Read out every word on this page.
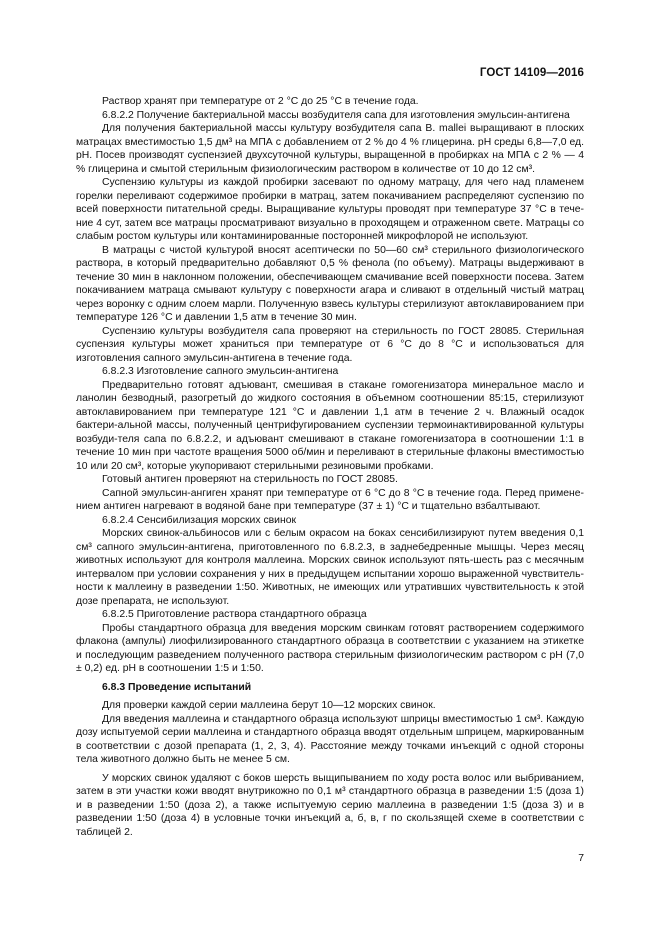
ГОСТ 14109—2016

Раствор хранят при температуре от 2 °С до 25 °С в течение года.

6.8.2.2 Получение бактериальной массы возбудителя сапа для изготовления эмульсин-антигена

Для получения бактериальной массы культуру возбудителя сапа B. mallei выращивают в плоских матрацах вместимостью 1,5 дм³ на МПА с добавлением от 2 % до 4 % глицерина. рН среды 6,8—7,0 ед. рН. Посев производят суспензией двухсуточной культуры, выращенной в пробирках на МПА с 2 % — 4 % глицерина и смытой стерильным физиологическим раствором в количестве от 10 до 12 см³.

Суспензию культуры из каждой пробирки засевают по одному матрацу, для чего над пламенем горелки переливают содержимое пробирки в матрац, затем покачиванием распределяют суспензию по всей поверхности питательной среды. Выращивание культуры проводят при температуре 37 °С в тече-ние 4 сут, затем все матрацы просматривают визуально в проходящем и отраженном свете. Матрацы со слабым ростом культуры или контаминированные посторонней микрофлорой не используют.

В матрацы с чистой культурой вносят асептически по 50—60 см³ стерильного физиологического раствора, в который предварительно добавляют 0,5 % фенола (по объему). Матрацы выдерживают в течение 30 мин в наклонном положении, обеспечивающем смачивание всей поверхности посева. Затем покачиванием матраца смывают культуру с поверхности агара и сливают в отдельный чистый матрац через воронку с одним слоем марли. Полученную взвесь культуры стерилизуют автоклавированием при температуре 126 °С и давлении 1,5 атм в течение 30 мин.

Суспензию культуры возбудителя сапа проверяют на стерильность по ГОСТ 28085. Стерильная суспензия культуры может храниться при температуре от 6 °С до 8 °С и использоваться для изготовления сапного эмульсин-антигена в течение года.

6.8.2.3 Изготовление сапного эмульсин-антигена

Предварительно готовят адъювант, смешивая в стакане гомогенизатора минеральное масло и ланолин безводный, разогретый до жидкого состояния в объемном соотношении 85:15, стерилизуют автоклавированием при температуре 121 °С и давлении 1,1 атм в течение 2 ч. Влажный осадок бактери-альной массы, полученный центрифугированием суспензии термоинактивированной культуры возбуди-теля сапа по 6.8.2.2, и адъювант смешивают в стакане гомогенизатора в соотношении 1:1 в течение 10 мин при частоте вращения 5000 об/мин и переливают в стерильные флаконы вместимостью 10 или 20 см³, которые укупоривают стерильными резиновыми пробками.

Готовый антиген проверяют на стерильность по ГОСТ 28085.

Сапной эмульсин-ангиген хранят при температуре от 6 °С до 8 °С в течение года. Перед примене-нием антиген нагревают в водяной бане при температуре (37 ± 1) °С и тщательно взбалтывают.

6.8.2.4 Сенсибилизация морских свинок

Морских свинок-альбиносов или с белым окрасом на боках сенсибилизируют путем введения 0,1 см³ сапного эмульсин-антигена, приготовленного по 6.8.2.3, в заднебедренные мышцы. Через месяц животных используют для контроля маллеина. Морских свинок используют пять-шесть раз с месячным интервалом при условии сохранения у них в предыдущем испытании хорошо выраженной чувствитель-ности к маллеину в разведении 1:50. Животных, не имеющих или утративших чувствительность к этой дозе препарата, не используют.

6.8.2.5 Приготовление раствора стандартного образца

Пробы стандартного образца для введения морским свинкам готовят растворением содержимого флакона (ампулы) лиофилизированного стандартного образца в соответствии с указанием на этикетке и последующим разведением полученного раствора стерильным физиологическим раствором с рН (7,0 ± 0,2) ед. рН в соотношении 1:5 и 1:50.

6.8.3 Проведение испытаний

Для проверки каждой серии маллеина берут 10—12 морских свинок.

Для введения маллеина и стандартного образца используют шприцы вместимостью 1 см³. Каждую дозу испытуемой серии маллеина и стандартного образца вводят отдельным шприцем, маркированным в соответствии с дозой препарата (1, 2, 3, 4). Расстояние между точками инъекций с одной стороны тела животного должно быть не менее 5 см.

У морских свинок удаляют с боков шерсть выщипыванием по ходу роста волос или выбриванием, затем в эти участки кожи вводят внутрикожно по 0,1 м³ стандартного образца в разведении 1:5 (доза 1) и в разведении 1:50 (доза 2), а также испытуемую серию маллеина в разведении 1:5 (доза 3) и в разведении 1:50 (доза 4) в условные точки инъекций а, б, в, г по скользящей схеме в соответствии с таблицей 2.

7
